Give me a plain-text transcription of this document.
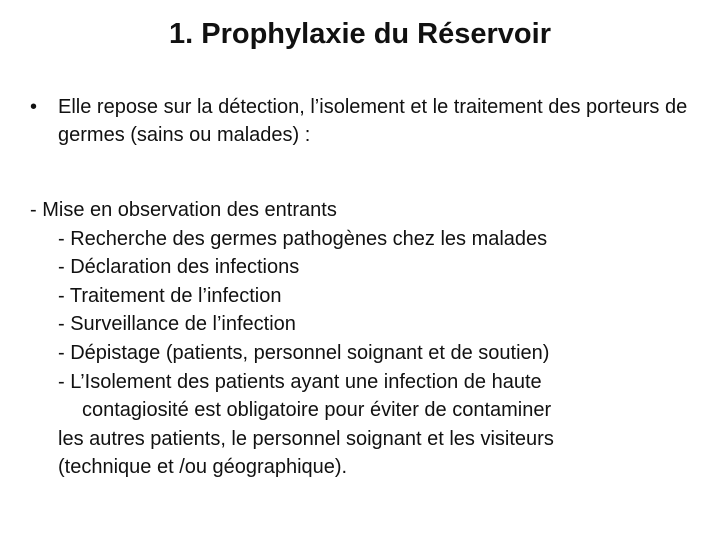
1. Prophylaxie du Réservoir
• Elle repose sur la détection, l’isolement et le traitement des porteurs de germes (sains ou malades) :
- Mise en observation des entrants
- Recherche des germes pathogènes chez les malades
- Déclaration des infections
- Traitement de l’infection
- Surveillance de l’infection
- Dépistage (patients, personnel soignant et de soutien)
- L’Isolement des patients ayant une infection de haute
contagiosité est obligatoire pour éviter de contaminer
les autres patients, le personnel soignant et les visiteurs
(technique et /ou géographique).
